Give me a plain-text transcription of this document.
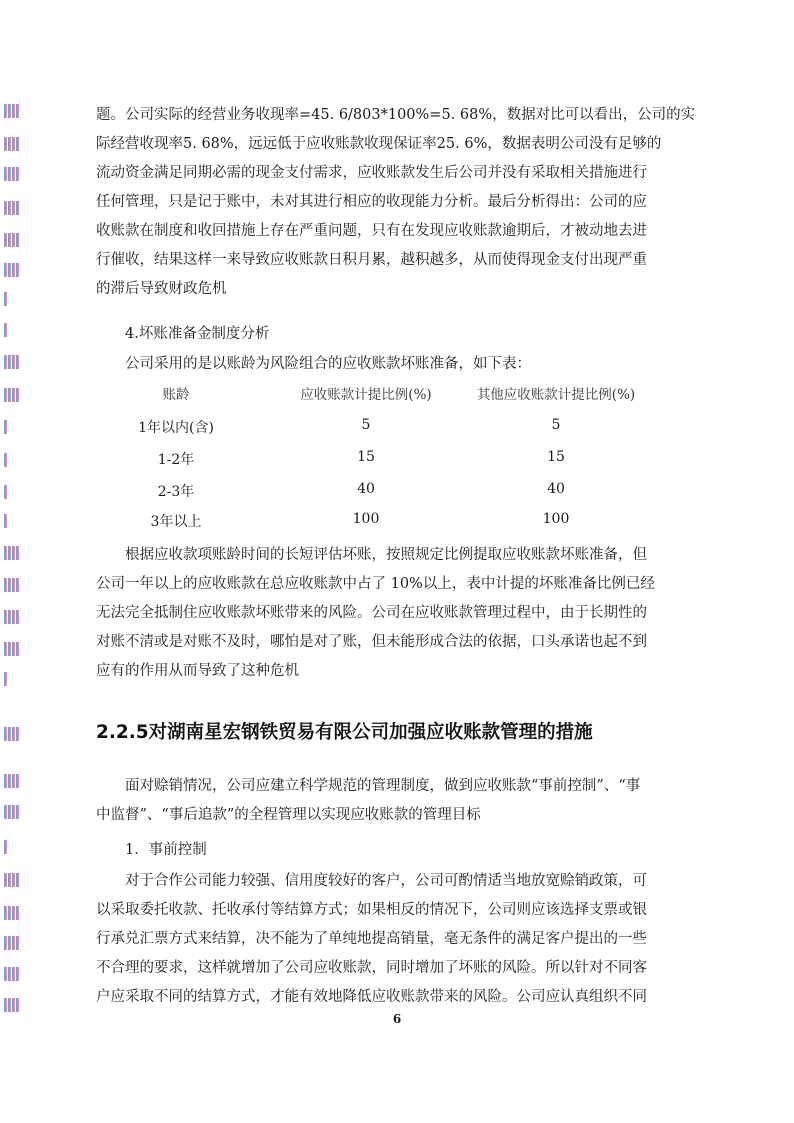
题。公司实际的经营业务收现率=45. 6/803*100%=5. 68%，数据对比可以看出，公司的实
际经营收现率5. 68%，远远低于应收账款收现保证率25. 6%，数据表明公司没有足够的
流动资金满足同期必需的现金支付需求，应收账款发生后公司并没有采取相关措施进行
任何管理，只是记于账中，未对其进行相应的收现能力分析。最后分析得出：公司的应
收账款在制度和收回措施上存在严重问题，只有在发现应收账款逾期后，才被动地去进
行催收，结果这样一来导致应收账款日积月累，越积越多，从而使得现金支付出现严重
的滞后导致财政危机

4.坏账准备金制度分析

公司采用的是以账龄为风险组合的应收账款坏账准备，如下表：

账龄	应收账款计提比例(%)	其他应收账款计提比例(%)
1年以内(含)	5	5
1-2年	15	15
2-3年	40	40
3年以上	100	100
根据应收款项账龄时间的长短评估坏账，按照规定比例提取应收账款坏账准备，但
公司一年以上的应收账款在总应收账款中占了 10%以上，表中计提的坏账准备比例已经
无法完全抵制住应收账款坏账带来的风险。公司在应收账款管理过程中，由于长期性的
对账不清或是对账不及时，哪怕是对了账，但未能形成合法的依据，口头承诺也起不到
应有的作用从而导致了这种危机
2.2.5对湖南星宏钢铁贸易有限公司加强应收账款管理的措施
面对赊销情况，公司应建立科学规范的管理制度，做到应收账款“事前控制”、“事
中监督”、“事后追款”的全程管理以实现应收账款的管理目标

1．事前控制

对于合作公司能力较强、信用度较好的客户，公司可酌情适当地放宽赊销政策，可
以采取委托收款、托收承付等结算方式；如果相反的情况下，公司则应该选择支票或银
行承兑汇票方式来结算，决不能为了单纯地提高销量，毫无条件的满足客户提出的一些
不合理的要求，这样就增加了公司应收账款，同时增加了坏账的风险。所以针对不同客
户应采取不同的结算方式，才能有效地降低应收账款带来的风险。公司应认真组织不同
6
